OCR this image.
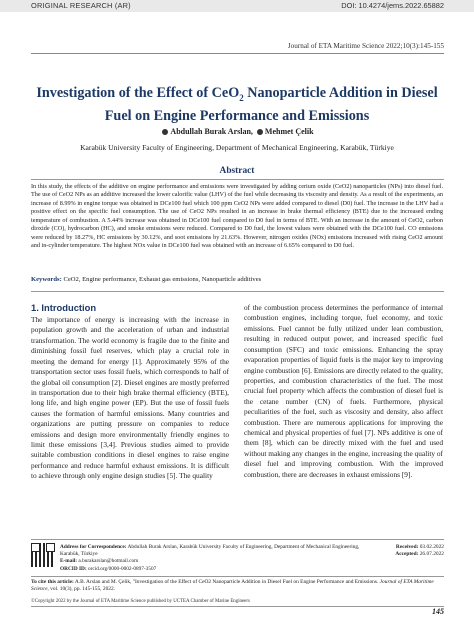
ORIGINAL RESEARCH (AR)	DOI: 10.4274/jems.2022.65882
Journal of ETA Maritime Science 2022;10(3):145-155
Investigation of the Effect of CeO$_2$ Nanoparticle Addition in Diesel Fuel on Engine Performance and Emissions
Abdullah Burak Arslan, Mehmet Çelik
Karabük University Faculty of Engineering, Department of Mechanical Engineering, Karabük, Türkiye
Abstract
In this study, the effects of the additive on engine performance and emissions were investigated by adding cerium oxide (CeO2) nanoparticles (NPs) into diesel fuel. The use of CeO2 NPs as an additive increased the lower calorific value (LHV) of the fuel while decreasing its viscosity and density. As a result of the experiments, an increase of 8.99% in engine torque was obtained in DCe100 fuel which 100 ppm CeO2 NPs were added compared to diesel (D0) fuel. The increase in the LHV had a positive effect on the specific fuel consumption. The use of CeO2 NPs resulted in an increase in brake thermal efficiency (BTE) due to the increased ending temperature of combustion. A 5.44% increase was obtained in DCe100 fuel compared to D0 fuel in terms of BTE. With an increase in the amount of CeO2, carbon dioxide (CO), hydrocarbon (HC), and smoke emissions were reduced. Compared to D0 fuel, the lowest values were obtained with the DCe100 fuel. CO emissions were reduced by 18.27%, HC emissions by 30.12%, and soot emissions by 21.63%. However, nitrogen oxides (NOx) emissions increased with rising CeO2 amount and in-cylinder temperature. The highest NOx value in DCe100 fuel was obtained with an increase of 6.65% compared to D0 fuel.
Keywords: CeO2, Engine performance, Exhaust gas emissions, Nanoparticle additives
1. Introduction
The importance of energy is increasing with the increase in population growth and the acceleration of urban and industrial transformation. The world economy is fragile due to the finite and diminishing fossil fuel reserves, which play a crucial role in meeting the demand for energy [1]. Approximately 95% of the transportation sector uses fossil fuels, which corresponds to half of the global oil consumption [2]. Diesel engines are mostly preferred in transportation due to their high brake thermal efficiency (BTE), long life, and high engine power (EP). But the use of fossil fuels causes the formation of harmful emissions. Many countries and organizations are putting pressure on companies to reduce emissions and design more environmentally friendly engines to limit these emissions [3,4]. Previous studies aimed to provide suitable combustion conditions in diesel engines to raise engine performance and reduce harmful exhaust emissions. It is difficult to achieve through only engine design studies [5]. The quality
of the combustion process determines the performance of internal combustion engines, including torque, fuel economy, and toxic emissions. Fuel cannot be fully utilized under lean combustion, resulting in reduced output power, and increased specific fuel consumption (SFC) and toxic emissions. Enhancing the spray evaporation properties of liquid fuels is the major key to improving engine combustion [6]. Emissions are directly related to the quality, properties, and combustion characteristics of the fuel. The most crucial fuel property which affects the combustion of diesel fuel is the cetane number (CN) of fuels. Furthermore, physical peculiarities of the fuel, such as viscosity and density, also affect combustion. There are numerous applications for improving the chemical and physical properties of fuel [7]. NPs additive is one of them [8], which can be directly mixed with the fuel and used without making any changes in the engine, increasing the quality of diesel fuel and improving combustion. With the improved combustion, there are decreases in exhaust emissions [9].
Address for Correspondence: Abdullah Burak Arslan, Karabük University Faculty of Engineering, Department of Mechanical Engineering, Karabük, Türkiye
E-mail: a.burakarslan@hotmail.com
ORCID ID: orcid.org/0000-0002-0897-3507
Received: 03.02.2022
Accepted: 26.07.2022
To cite this article: A.B. Arslan and M. Çelik, "Investigation of the Effect of CeO2 Nanoparticle Addition in Diesel Fuel on Engine Performance and Emissions. Journal of ETA Maritime Science, vol. 10(3), pp. 145-155, 2022.
©Copyright 2022 by the Journal of ETA Maritime Science published by UCTEA Chamber of Marine Engineers
145
